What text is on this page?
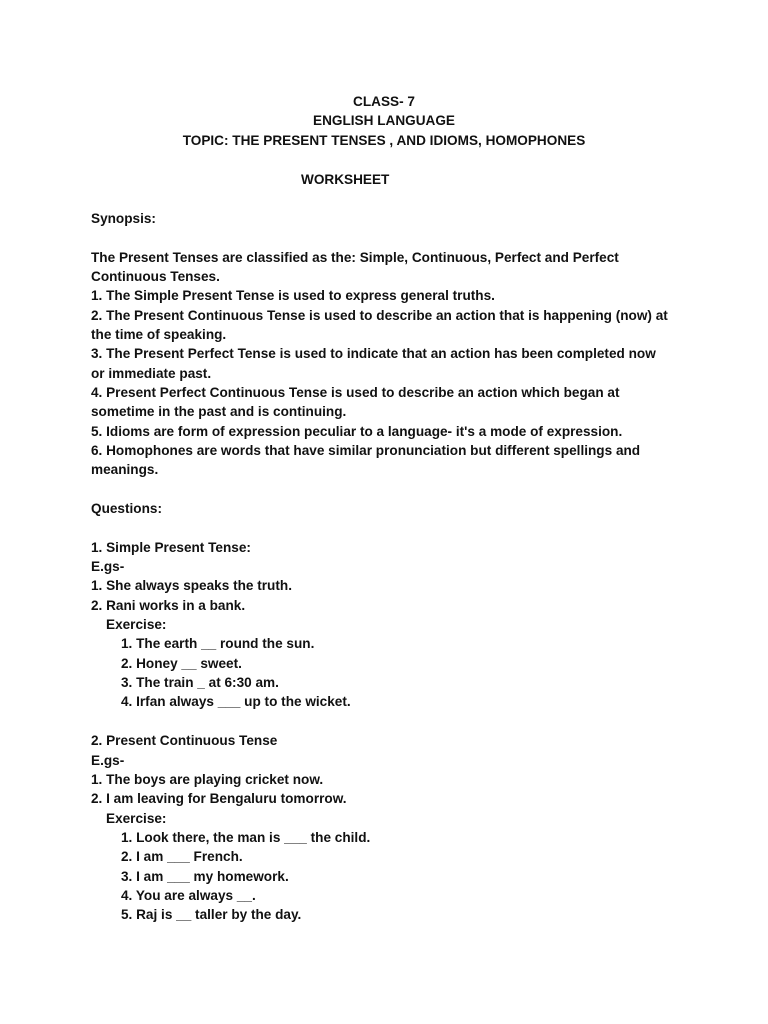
CLASS- 7
ENGLISH LANGUAGE
TOPIC: THE PRESENT TENSES , AND IDIOMS, HOMOPHONES
WORKSHEET
Synopsis:
The Present Tenses are classified as the: Simple, Continuous, Perfect and Perfect
Continuous Tenses.
1. The Simple Present Tense is used to express general truths.
2. The Present Continuous Tense is used to describe an action that is happening (now) at
the time of speaking.
3. The Present Perfect Tense is used to indicate that an action has been completed now
or immediate past.
4. Present Perfect Continuous Tense is used to describe an action which began at
sometime in the past and is continuing.
5. Idioms are form of expression peculiar to a language- it's a mode of expression.
6. Homophones are words that have similar pronunciation but different spellings and
meanings.
Questions:
1. Simple Present Tense:
E.gs-
1. She always speaks the truth.
2. Rani works in a bank.
Exercise:
1. The earth __ round the sun.
2. Honey __ sweet.
3. The train _ at 6:30 am.
4. Irfan always ___ up to the wicket.
2. Present Continuous Tense
E.gs-
1. The boys are playing cricket now.
2. I am leaving for Bengaluru tomorrow.
Exercise:
1. Look there, the man is ___ the child.
2. I am ___ French.
3. I am ___ my homework.
4. You are always __.
5. Raj is __ taller by the day.
